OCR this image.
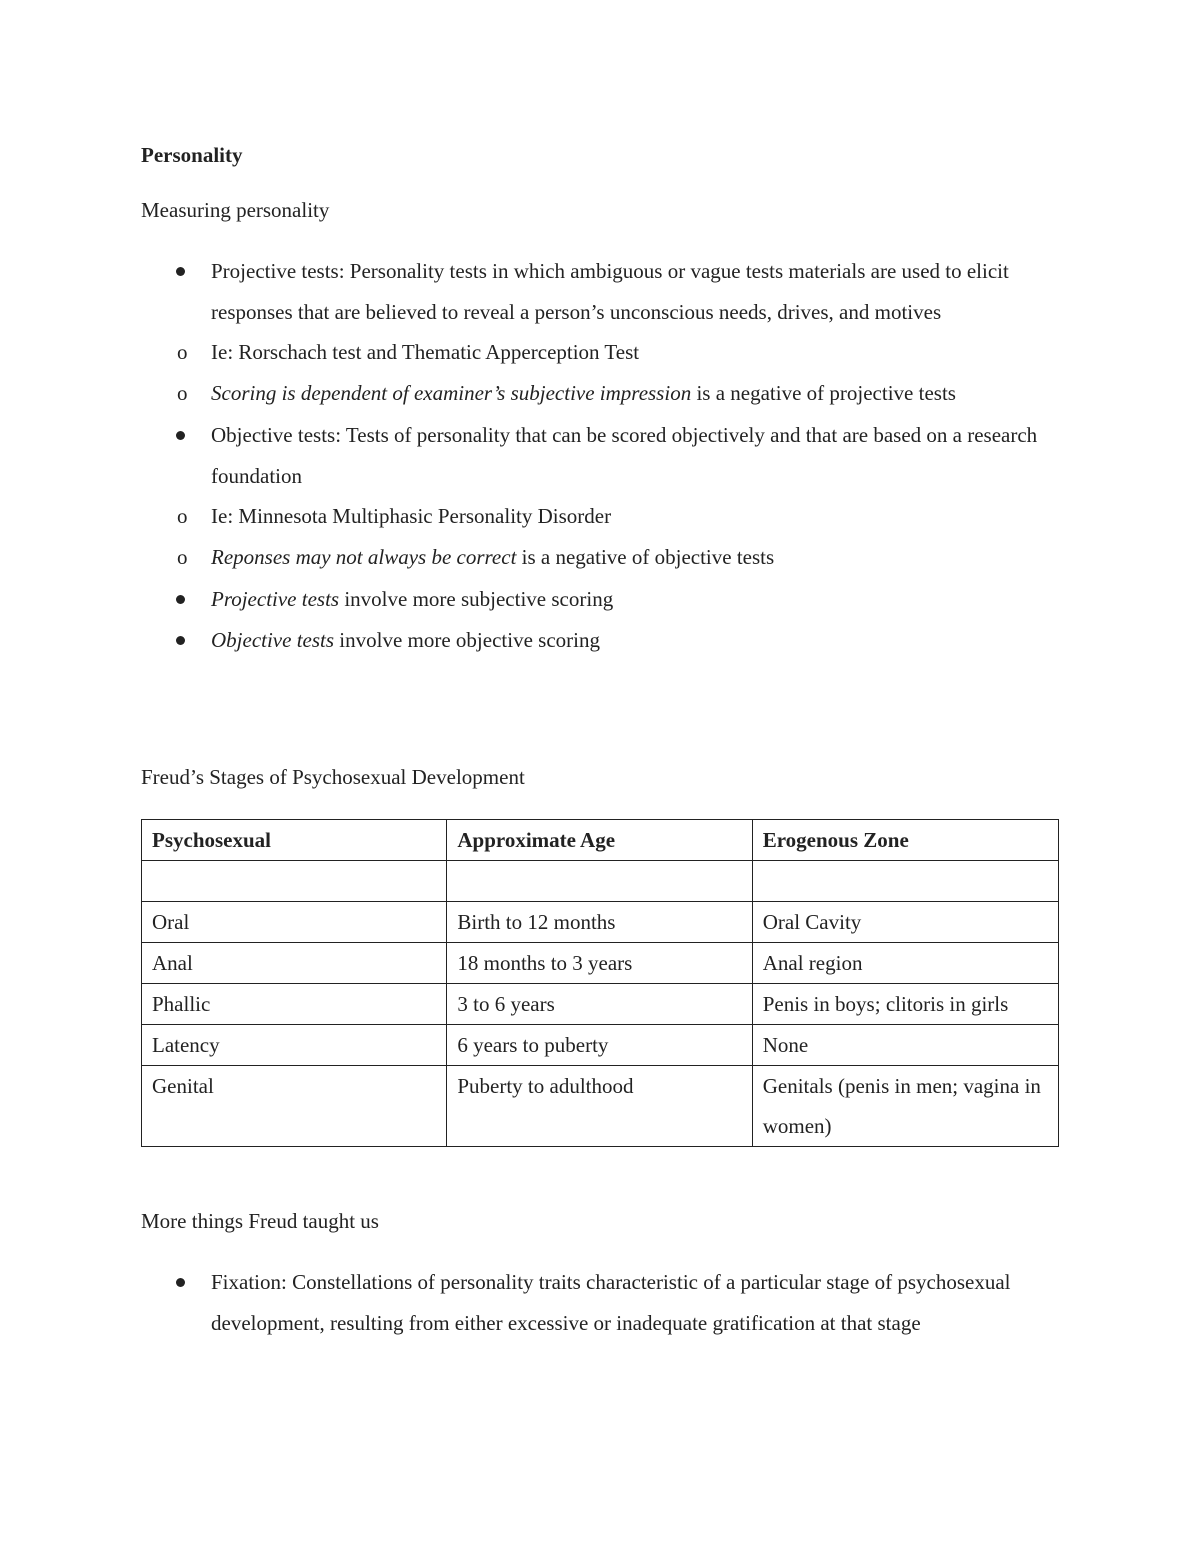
Personality
Measuring personality
Projective tests: Personality tests in which ambiguous or vague tests materials are used to elicit responses that are believed to reveal a person’s unconscious needs, drives, and motives
o Ie: Rorschach test and Thematic Apperception Test
o Scoring is dependent of examiner’s subjective impression is a negative of projective tests
Objective tests: Tests of personality that can be scored objectively and that are based on a research foundation
o Ie: Minnesota Multiphasic Personality Disorder
o Reponses may not always be correct is a negative of objective tests
Projective tests involve more subjective scoring
Objective tests involve more objective scoring
Freud’s Stages of Psychosexual Development
Psychosexual	Approximate Age	Erogenous Zone

Oral	Birth to 12 months	Oral Cavity
Anal	18 months to 3 years	Anal region
Phallic	3 to 6 years	Penis in boys; clitoris in girls
Latency	6 years to puberty	None
Genital	Puberty to adulthood	Genitals (penis in men; vagina in women)
More things Freud taught us
Fixation: Constellations of personality traits characteristic of a particular stage of psychosexual development, resulting from either excessive or inadequate gratification at that stage
